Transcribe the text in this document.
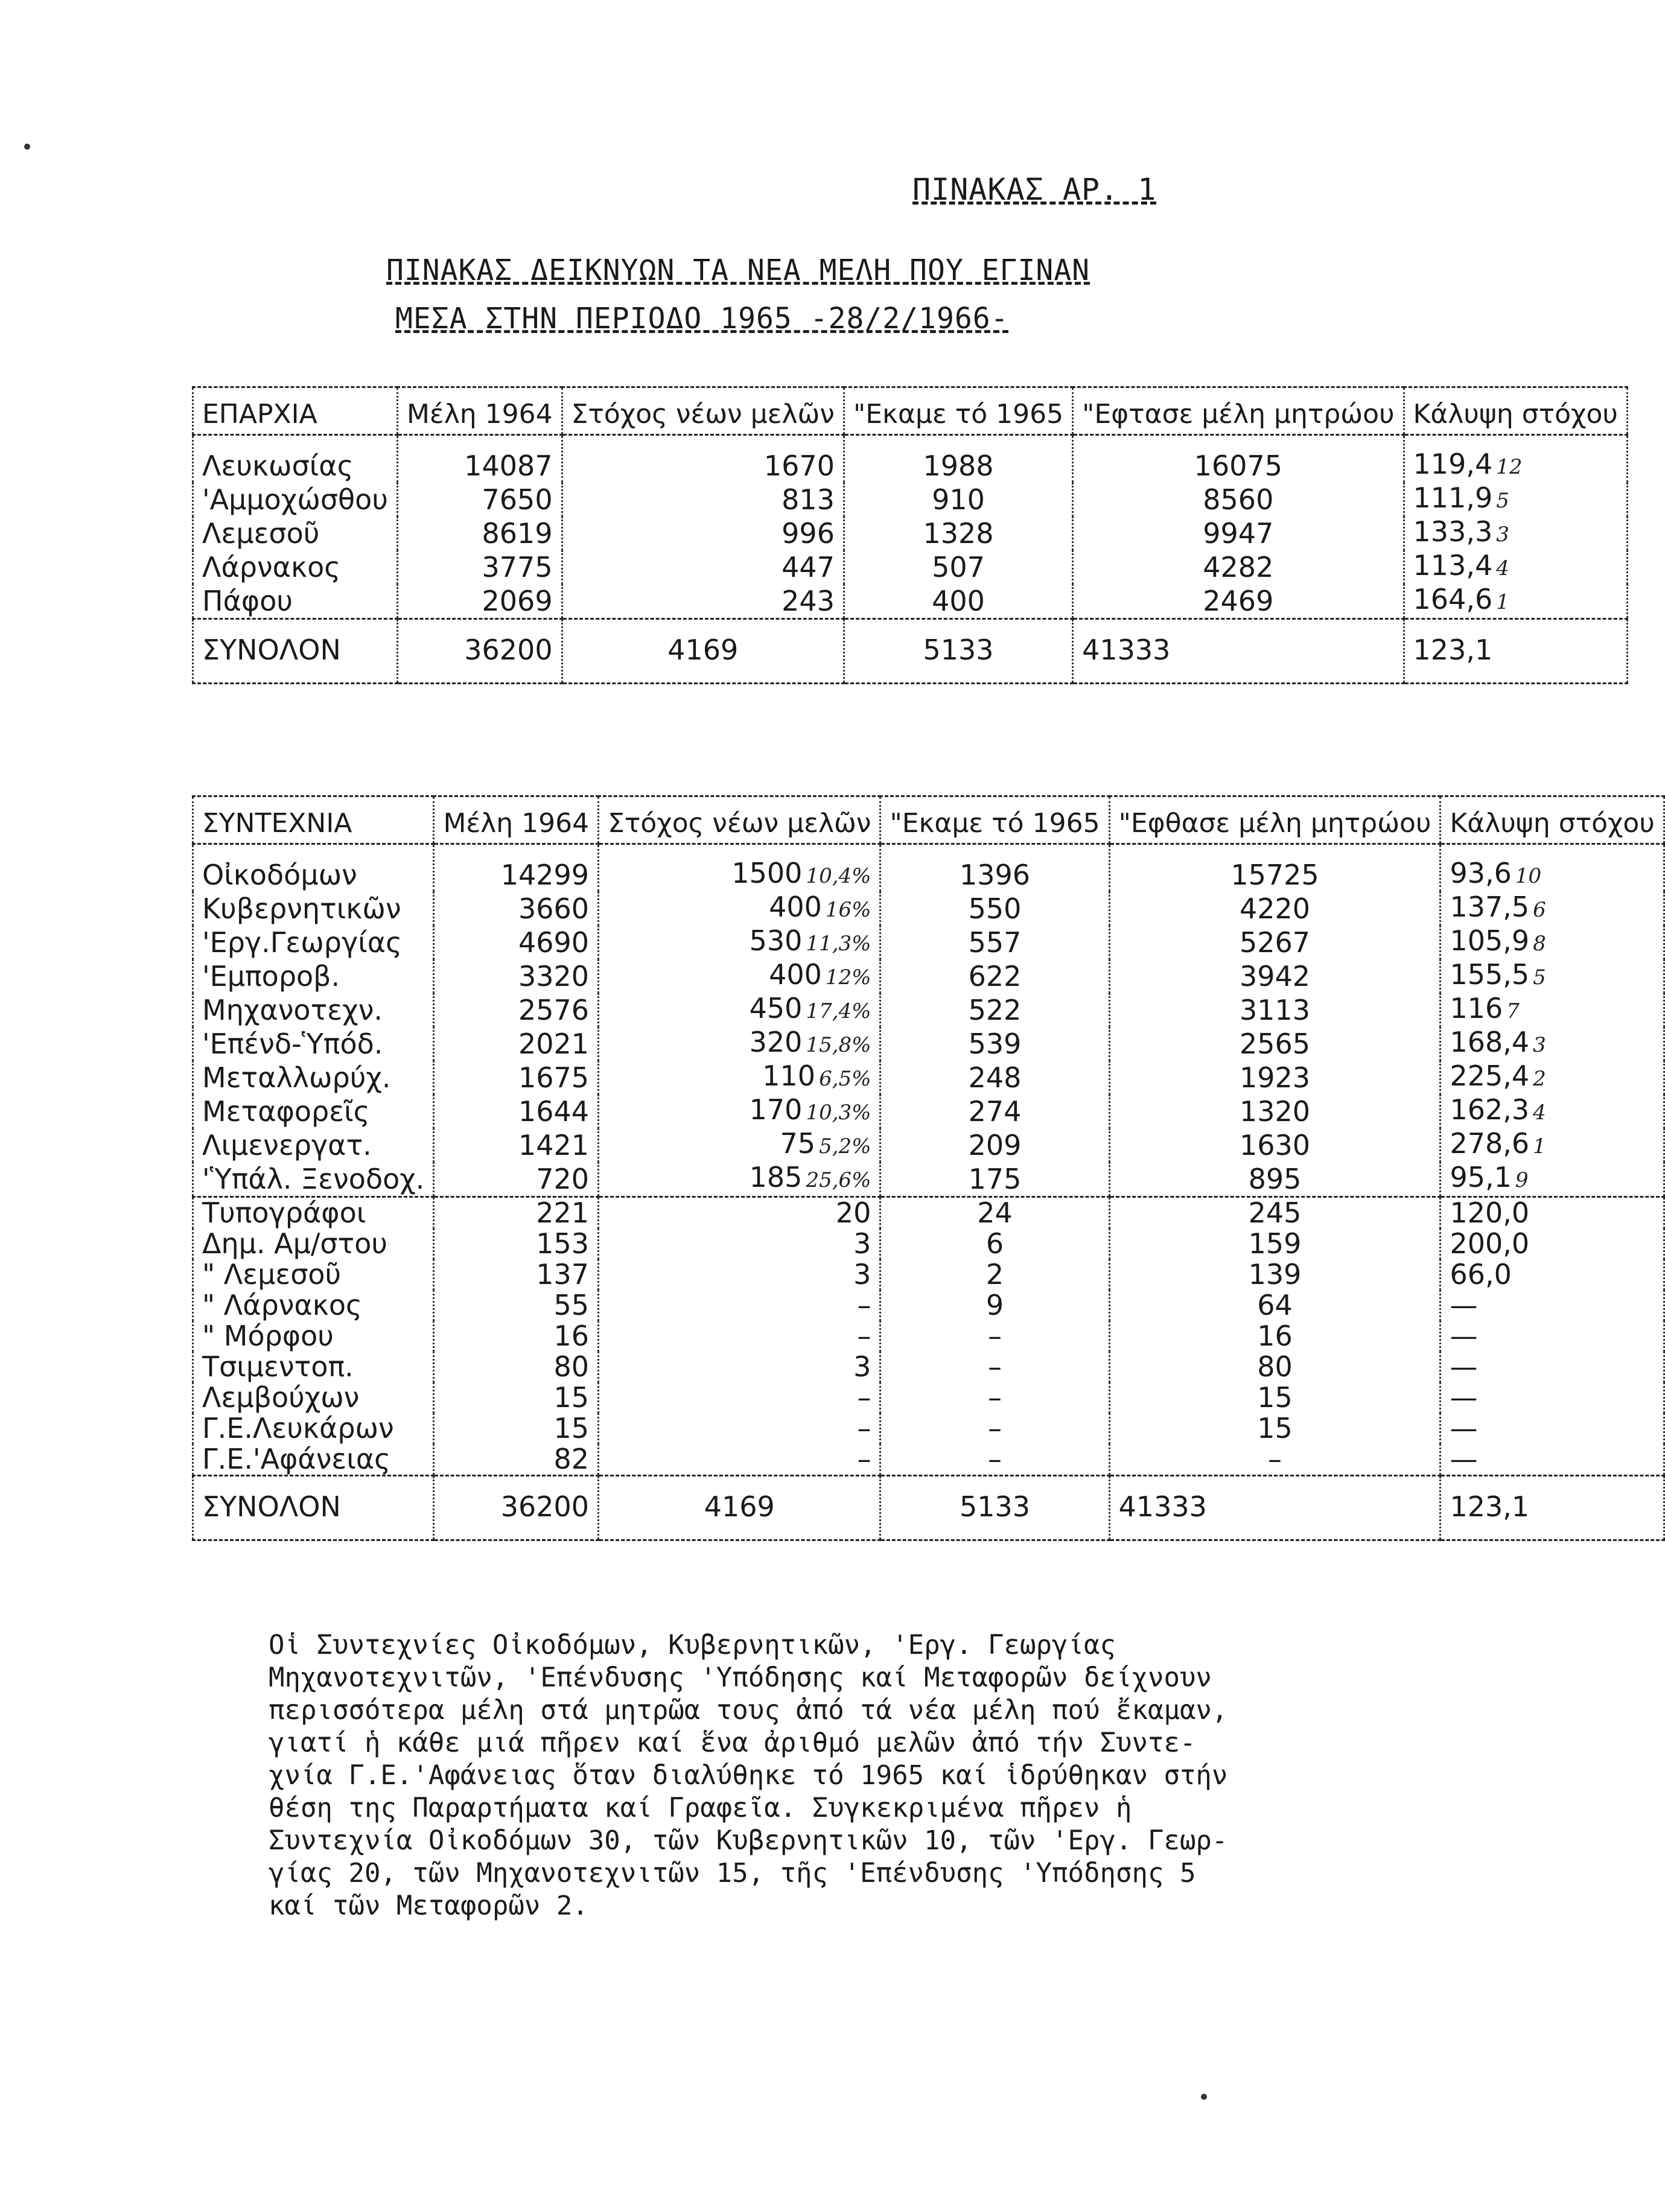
ΠΙΝΑΚΑΣ ΑΡ. 1
ΠΙΝΑΚΑΣ ΔΕΙΚΝΥΩΝ ΤΑ ΝΕΑ ΜΕΛΗ ΠΟΥ ΕΓΙΝΑΝ
ΜΕΣΑ ΣΤΗΝ ΠΕΡΙΟΔΟ 1965 -28/2/1966-
ΕΠΑΡΧΙΑ	Μέλη 1964	Στόχος νέων μελῶν	"Εκαμε τό 1965	"Εφτασε μέλη μητρώου	Κάλυψη στόχου
Λευκωσίας	14087	1670	1988	16075	119,4 12
'Αμμοχώσθου	7650	813	910	8560	111,9 5
Λεμεσοῦ	8619	996	1328	9947	133,3 3
Λάρνακος	3775	447	507	4282	113,4 4
Πάφου	2069	243	400	2469	164,6 1
ΣΥΝΟΛΟΝ	36200	4169	5133	41333	123,1
ΣΥΝΤΕΧΝΙΑ	Μέλη 1964	Στόχος νέων μελῶν	"Εκαμε τό 1965	"Εφθασε μέλη μητρώου	Κάλυψη στόχου
Οἰκοδόμων	14299	1500 10,4%	1396	15725	93,6 10
Κυβερνητικῶν	3660	400 16%	550	4220	137,5 6
'Εργ.Γεωργίας	4690	530 11,3%	557	5267	105,9 8
'Εμποροβ.	3320	400 12%	622	3942	155,5 5
Μηχανοτεχν.	2576	450 17,4%	522	3113	116 7
'Επένδ-Ὑπόδ.	2021	320 15,8%	539	2565	168,4 3
Μεταλλωρύχ.	1675	110 6,5%	248	1923	225,4 2
Μεταφορεῖς	1644	170 10,3%	274	1320	162,3 4
Λιμενεργατ.	1421	75 5,2%	209	1630	278,6 1
'Ὑπάλ. Ξενοδοχ.	720	185 25,6%	175	895	95,1 9
Τυπογράφοι	221	20	24	245	120,0
Δημ. Αμ/στου	153	3	6	159	200,0
" Λεμεσοῦ	137	3	2	139	66,0
" Λάρνακος	55	–	9	64	—
" Μόρφου	16	–	–	16	—
Τσιμεντοπ.	80	3	–	80	—
Λεμβούχων	15	–	–	15	—
Γ.Ε.Λευκάρων	15	–	–	15	—
Γ.Ε.'Αφάνειας	82	–	–	–	—
ΣΥΝΟΛΟΝ	36200	4169	5133	41333	123,1
Οἱ Συντεχνίες Οἰκοδόμων, Κυβερνητικῶν, 'Εργ. Γεωργίας
Μηχανοτεχνιτῶν, 'Επένδυσης 'Υπόδησης καί Μεταφορῶν δείχνουν
περισσότερα μέλη στά μητρῶα τους ἀπό τά νέα μέλη πού ἔκαμαν,
γιατί ἡ κάθε μιά πῆρεν καί ἕνα ἀριθμό μελῶν ἀπό τήν Συντε-
χνία Γ.Ε.'Αφάνειας ὅταν διαλύθηκε τό 1965 καί ἱδρύθηκαν στήν
θέση της Παραρτήματα καί Γραφεῖα. Συγκεκριμένα πῆρεν ἡ
Συντεχνία Οἰκοδόμων 30, τῶν Κυβερνητικῶν 10, τῶν 'Εργ. Γεωρ-
γίας 20, τῶν Μηχανοτεχνιτῶν 15, τῆς 'Επένδυσης 'Υπόδησης 5
καί τῶν Μεταφορῶν 2.
